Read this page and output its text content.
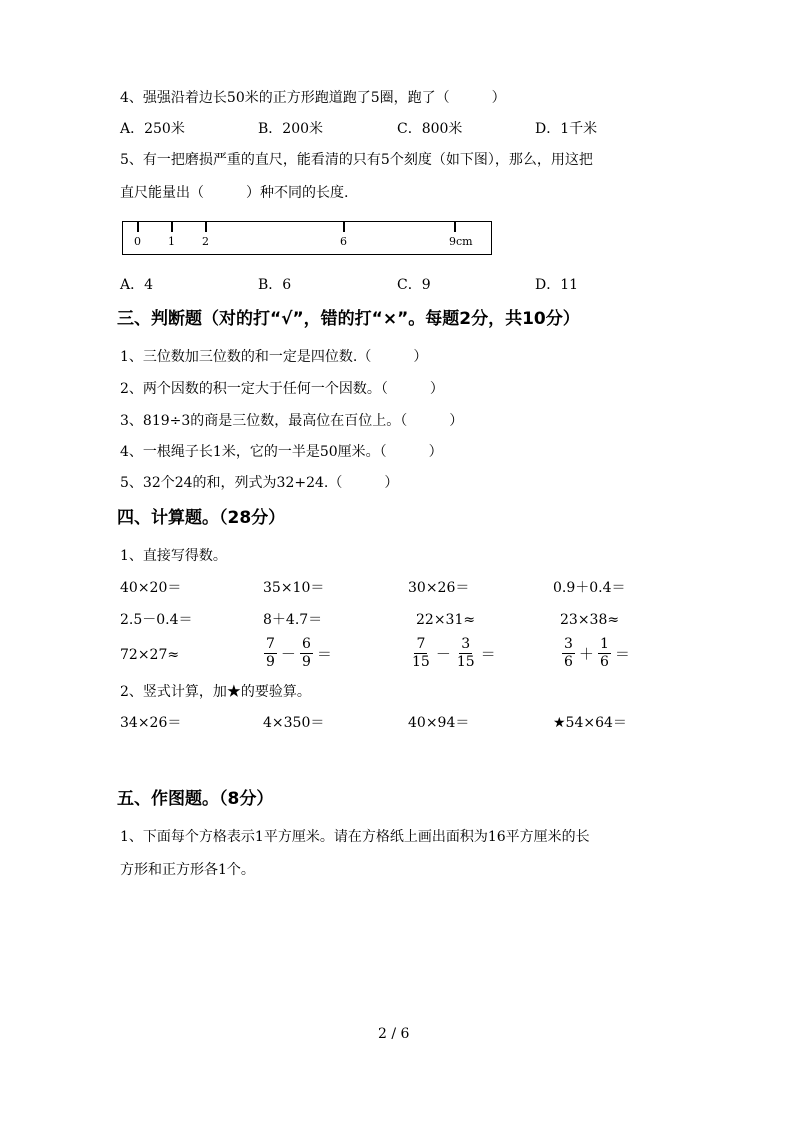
4、强强沿着边长50米的正方形跑道跑了5圈，跑了（　　　）
A．250米	B．200米	C．800米	D．1千米
5、有一把磨损严重的直尺，能看清的只有5个刻度（如下图），那么，用这把
直尺能量出（　　　）种不同的长度.
0 1 2	6	9cm
A．4	B．6	C．9	D．11
三、判断题（对的打“√”，错的打“×”。每题2分，共10分）
1、三位数加三位数的和一定是四位数.（　　　）
2、两个因数的积一定大于任何一个因数。（　　　）
3、819÷3的商是三位数，最高位在百位上。（　　　）
4、一根绳子长1米，它的一半是50厘米。（　　　）
5、32个24的和，列式为32+24.（　　　）
四、计算题。（28分）
1、直接写得数。
40×20＝	35×10＝	30×26＝	0.9＋0.4＝
2.5－0.4＝	8＋4.7＝	22×31≈	23×38≈
72×27≈	$\frac{7}{9} - \frac{6}{9}$ ＝	$\frac{7}{15} - \frac{3}{15}$ ＝	$\frac{3}{6} + \frac{1}{6}$ ＝
2、竖式计算，加★的要验算。
34×26＝	4×350＝	40×94＝	★54×64＝
五、作图题。（8分）
1、下面每个方格表示1平方厘米。请在方格纸上画出面积为16平方厘米的长
方形和正方形各1个。
2 / 6
